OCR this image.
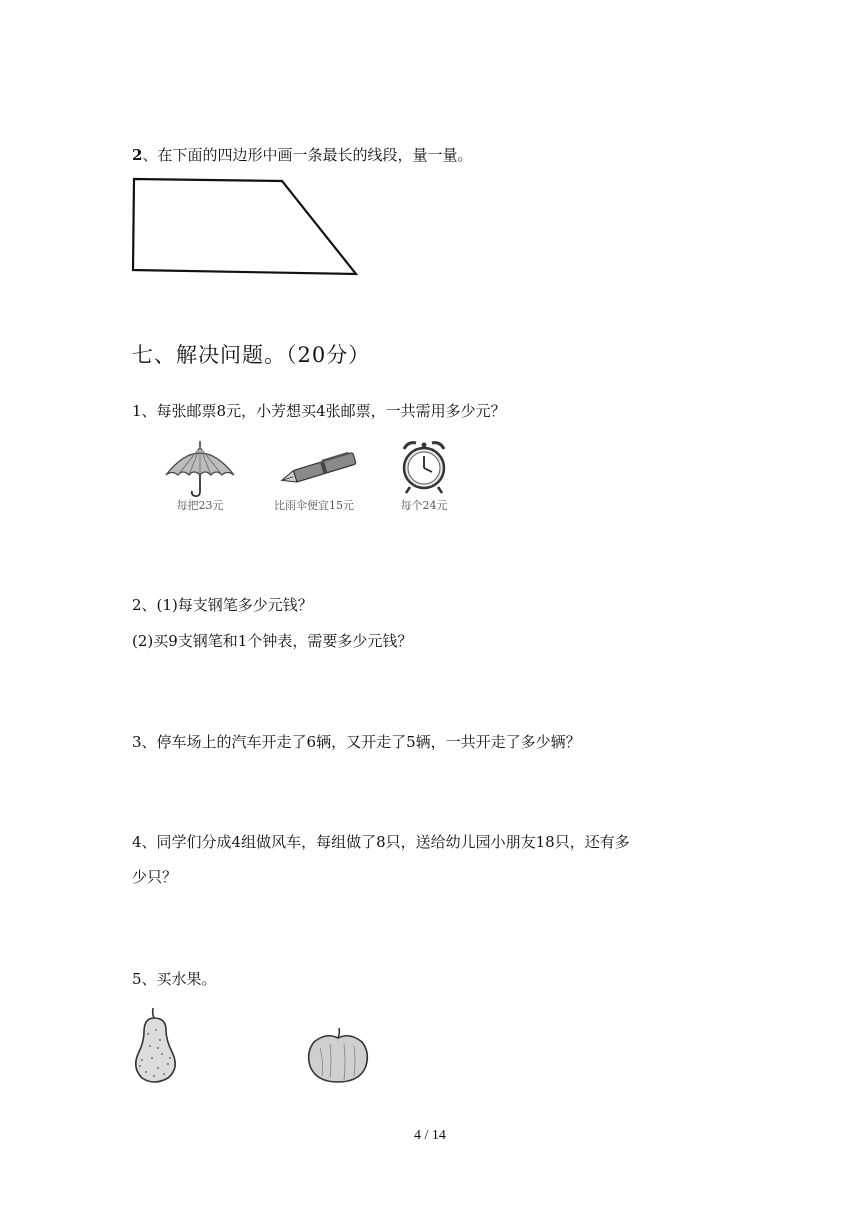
2、在下面的四边形中画一条最长的线段，量一量。
七、解决问题。（20分）
1、每张邮票8元，小芳想买4张邮票，一共需用多少元？
每把23元	比雨伞便宜15元	每个24元
2、(1)每支钢笔多少元钱？
(2)买9支钢笔和1个钟表，需要多少元钱？
3、停车场上的汽车开走了6辆，又开走了5辆，一共开走了多少辆？
4、同学们分成4组做风车，每组做了8只，送给幼儿园小朋友18只，还有多
少只？
5、买水果。
4 / 14
